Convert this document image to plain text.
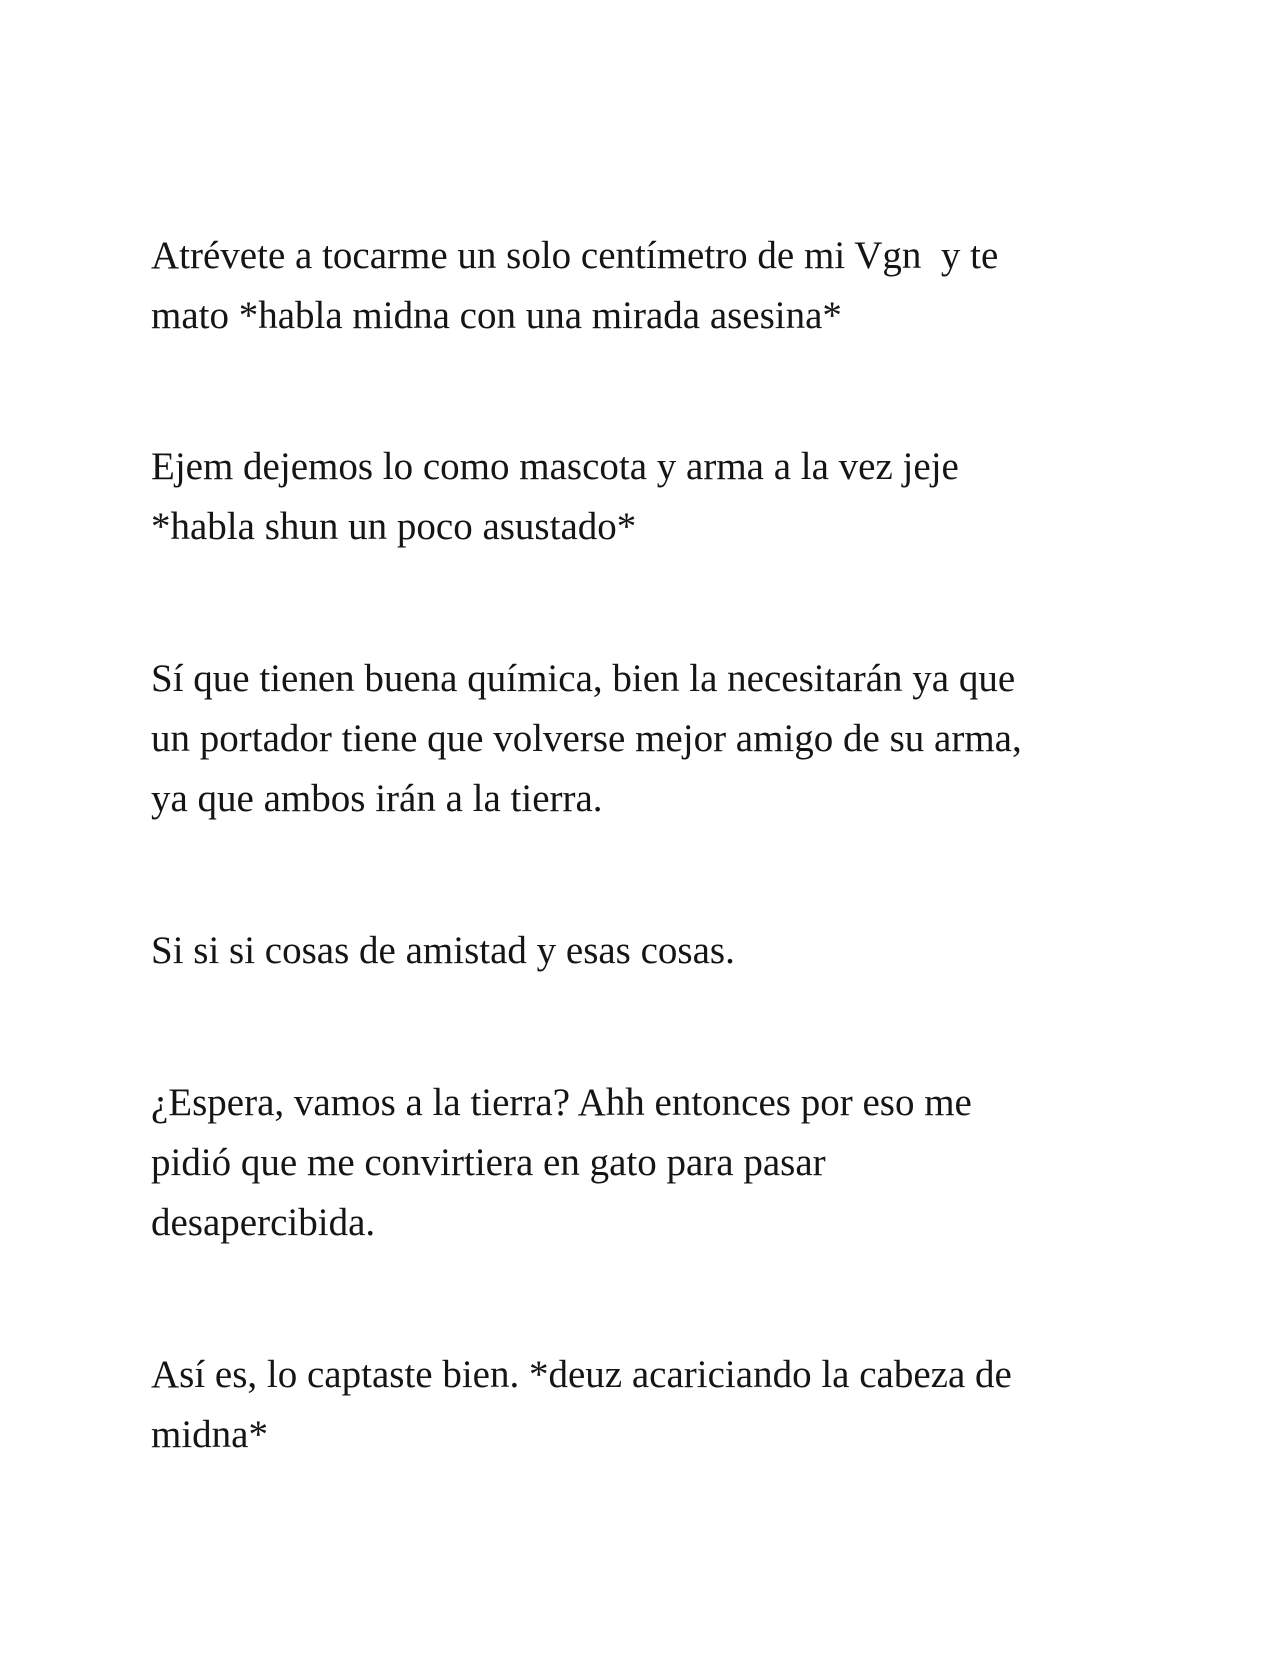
Atrévete a tocarme un solo centímetro de mi Vgn  y te
mato *habla midna con una mirada asesina*

Ejem dejemos lo como mascota y arma a la vez jeje
*habla shun un poco asustado*

Sí que tienen buena química, bien la necesitarán ya que
un portador tiene que volverse mejor amigo de su arma,
ya que ambos irán a la tierra.

Si si si cosas de amistad y esas cosas.

¿Espera, vamos a la tierra? Ahh entonces por eso me
pidió que me convirtiera en gato para pasar
desapercibida.

Así es, lo captaste bien. *deuz acariciando la cabeza de
midna*
